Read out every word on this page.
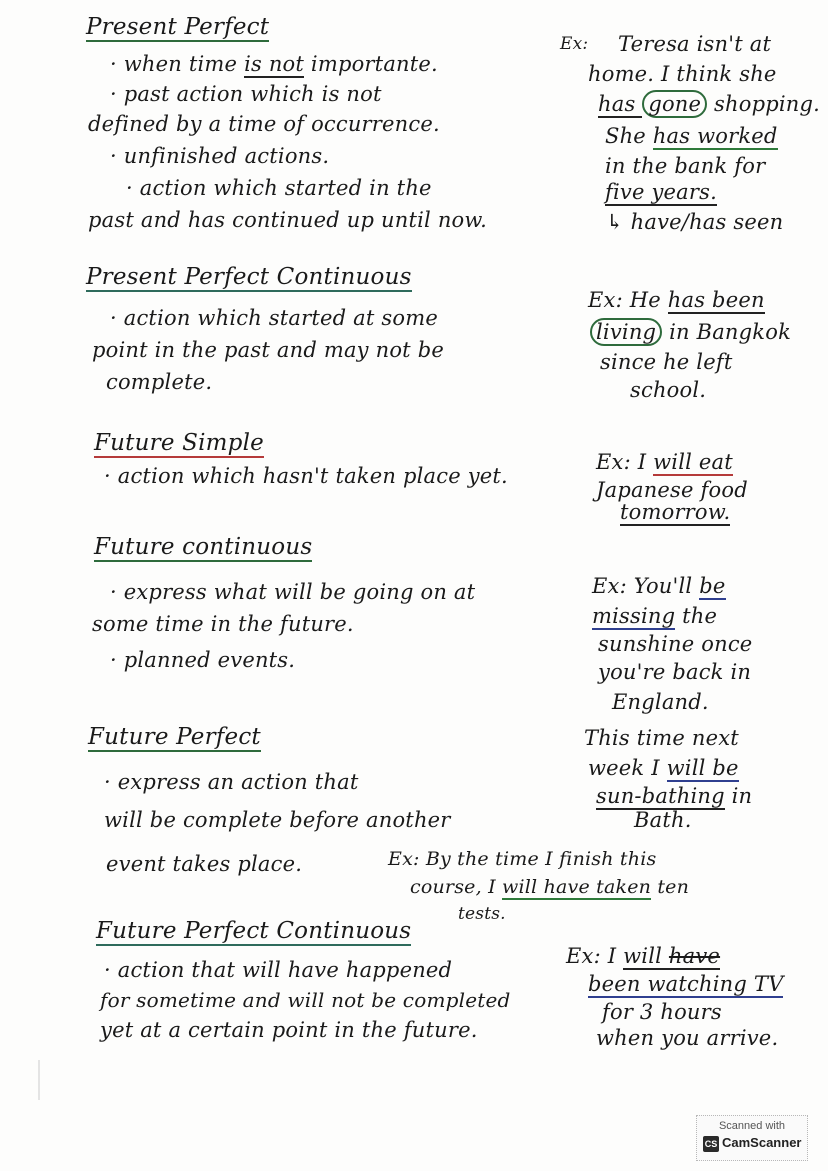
Present Perfect
· when time is not importante.
· past action which is not
defined by a time of occurrence.
· unfinished actions.
· action which started in the
past and has continued up until now.
Ex: Teresa isn't at
home. I think she
has gone shopping.
She has worked
in the bank for
five years.
↳ have/has seen
Present Perfect Continuous
· action which started at some
point in the past and may not be
complete.
Ex: He has been
living in Bangkok
since he left
school.
Future Simple
· action which hasn't taken place yet.
Ex: I will eat
Japanese food
tomorrow.
Future continuous
· express what will be going on at
some time in the future.
· planned events.
Ex: You'll be
missing the
sunshine once
you're back in
England.
Future Perfect
· express an action that
will be complete before another
event takes place.
This time next
week I will be
sun-bathing in
Bath.
Ex: By the time I finish this
course, I will have taken ten
tests.
Future Perfect Continuous
· action that will have happened
for sometime and will not be completed
yet at a certain point in the future.
Ex: I will have
been watching TV
for 3 hours
when you arrive.
Scanned with
CS CamScanner
